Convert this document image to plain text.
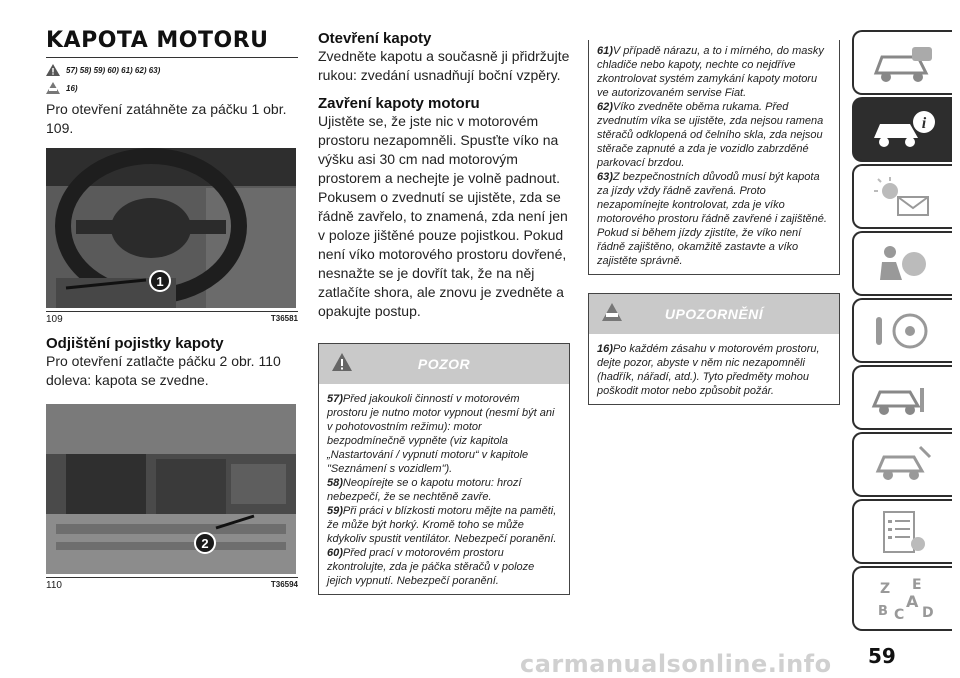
KAPOTA MOTORU
57) 58) 59) 60) 61) 62) 63)
16)

Pro otevření zatáhněte za páčku 1 obr. 109.

1
109	T36581
Odjištění pojistky kapoty

Pro otevření zatlačte páčku 2 obr. 110 doleva: kapota se zvedne.

2
110	T36594
Otevření kapoty

Zvedněte kapotu a současně ji přidržujte rukou: zvedání usnadňují boční vzpěry.

Zavření kapoty motoru

Ujistěte se, že jste nic v motorovém prostoru nezapomněli. Spusťte víko na výšku asi 30 cm nad motorovým prostorem a nechejte je volně padnout. Pokusem o zvednutí se ujistěte, zda se řádně zavřelo, to znamená, zda není jen v poloze jištěné pouze pojistkou. Pokud není víko motorového prostoru dovřené, nesnažte se je dovřít tak, že na něj zatlačíte shora, ale znovu je zvedněte a opakujte postup.

POZOR

57)Před jakoukoli činností v motorovém prostoru je nutno motor vypnout (nesmí být ani v pohotovostním režimu): motor bezpodmínečně vypněte (viz kapitola „Nastartování / vypnutí motoru“ v kapitole "Seznámení s vozidlem").

58)Neopírejte se o kapotu motoru: hrozí nebezpečí, že se nechtěně zavře.

59)Při práci v blízkosti motoru mějte na paměti, že může být horký. Kromě toho se může kdykoliv spustit ventilátor. Nebezpečí poranění.

60)Před prací v motorovém prostoru zkontrolujte, zda je páčka stěračů v poloze jejich vypnutí. Nebezpečí poranění.

61)V případě nárazu, a to i mírného, do masky chladiče nebo kapoty, nechte co nejdříve zkontrolovat systém zamykání kapoty motoru ve autorizovaném servise Fiat.

62)Víko zvedněte oběma rukama. Před zvednutím víka se ujistěte, zda nejsou ramena stěračů odklopená od čelního skla, zda nejsou stěrače zapnuté a zda je vozidlo zabrzděné parkovací brzdou.

63)Z bezpečnostních důvodů musí být kapota za jízdy vždy řádně zavřená. Proto nezapomínejte kontrolovat, zda je víko motorového prostoru řádně zavřené i zajištěné. Pokud si během jízdy zjistíte, že víko není řádně zajištěno, okamžitě zastavte a víko zajistěte správně.

UPOZORNĚNÍ

16)Po každém zásahu v motorovém prostoru, dejte pozor, abyste v něm nic nezapomněli (hadřík, nářadí, atd.). Tyto předměty mohou poškodit motor nebo způsobit požár.

i
Z E
B C
A
D
59
carmanualsonline.info
